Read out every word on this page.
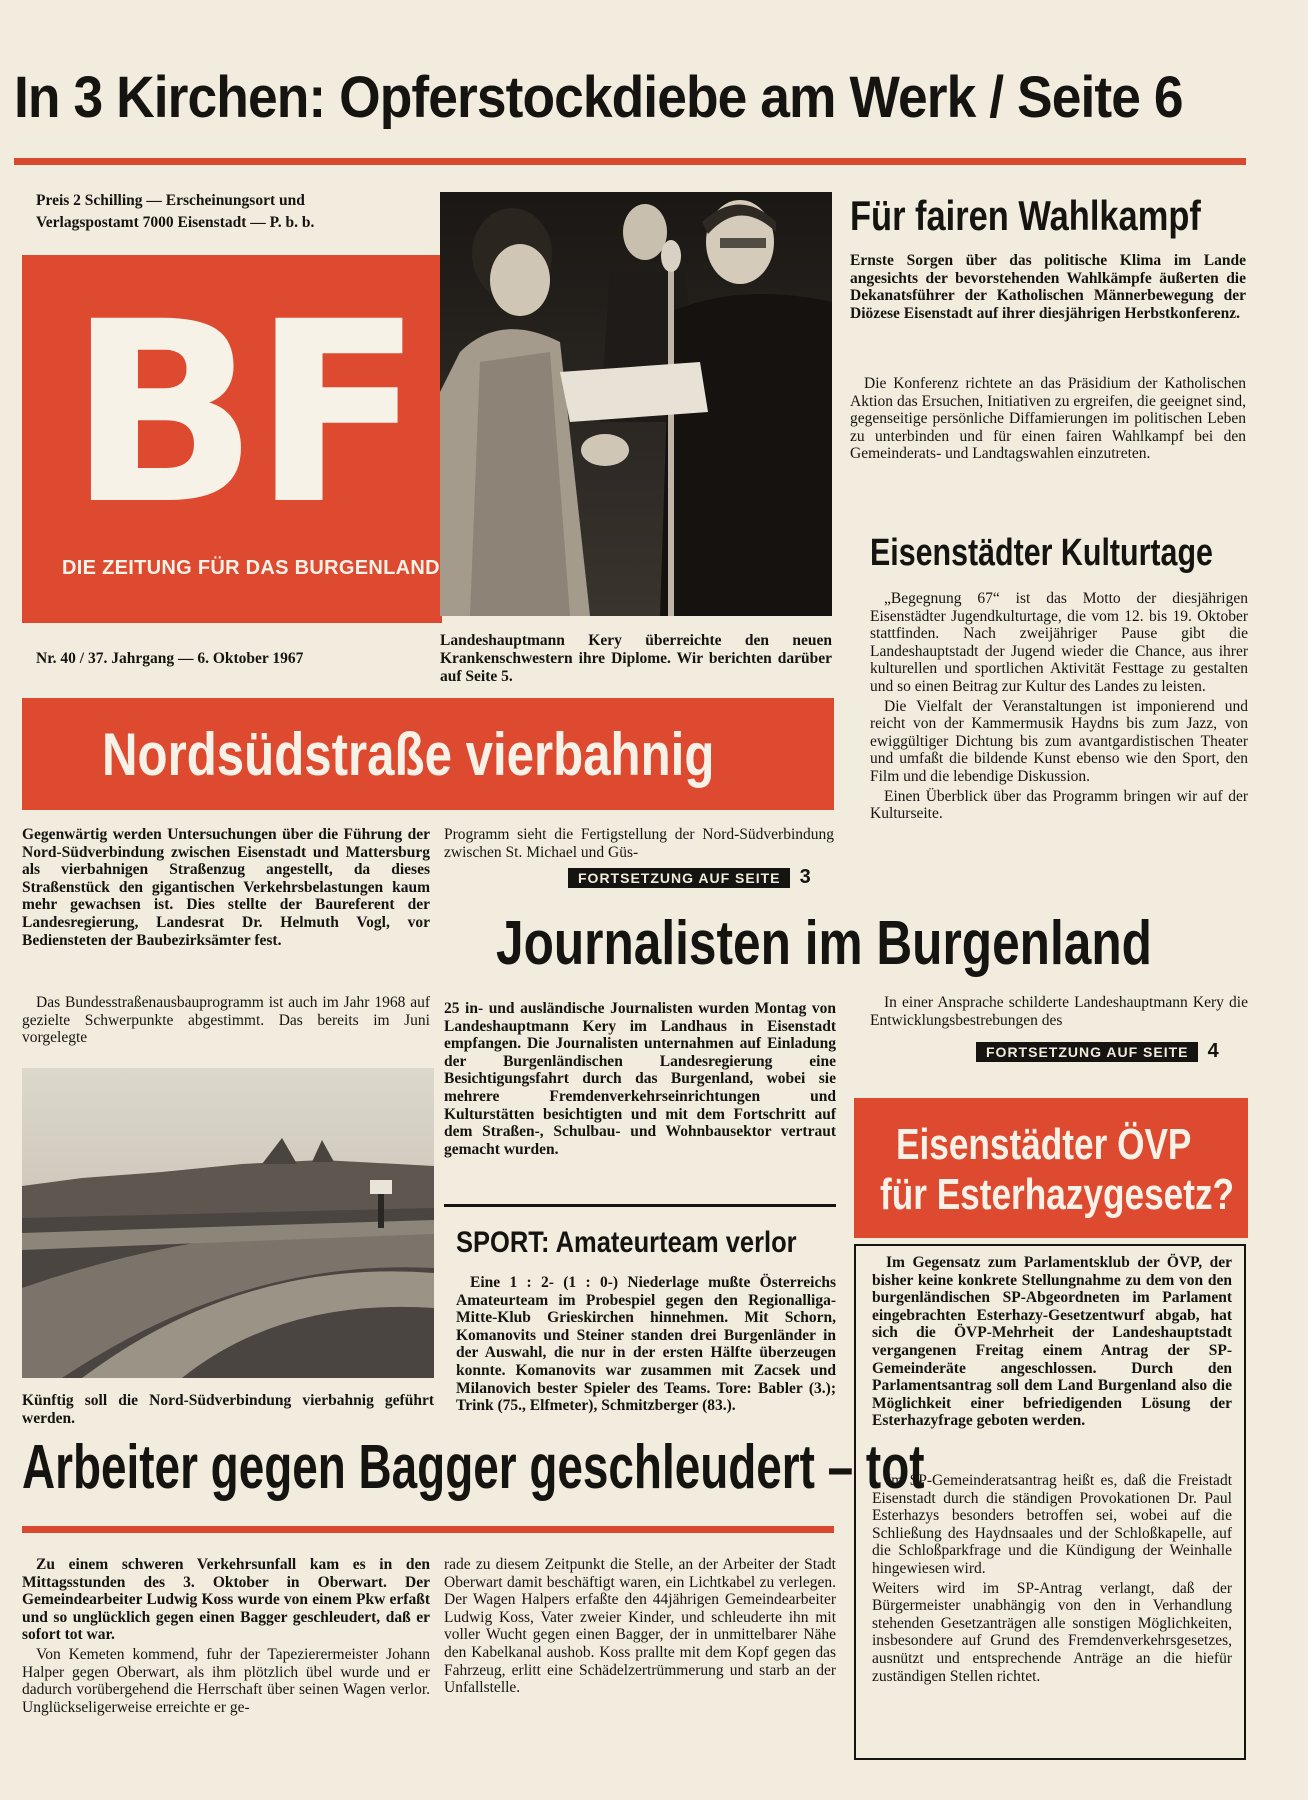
In 3 Kirchen: Opferstockdiebe am Werk / Seite 6
Preis 2 Schilling — Erscheinungsort und
Verlagspostamt 7000 Eisenstadt — P. b. b.
BF
DIE ZEITUNG FÜR DAS BURGENLAND
Nr. 40 / 37. Jahrgang — 6. Oktober 1967
Landeshauptmann Kery überreichte den neuen Krankenschwestern ihre Diplome. Wir berichten darüber auf Seite 5.
Für fairen Wahlkampf
Ernste Sorgen über das politische Klima im Lande angesichts der bevorstehenden Wahlkämpfe äußerten die Dekanatsführer der Katholischen Männerbewegung der Diözese Eisenstadt auf ihrer diesjährigen Herbstkonferenz.
Die Konferenz richtete an das Präsidium der Katholischen Aktion das Ersuchen, Initiativen zu ergreifen, die geeignet sind, gegenseitige persönliche Diffamierungen im politischen Leben zu unterbinden und für einen fairen Wahlkampf bei den Gemeinderats- und Landtagswahlen einzutreten.
Eisenstädter Kulturtage

„Begegnung 67“ ist das Motto der diesjährigen Eisenstädter Jugendkulturtage, die vom 12. bis 19. Oktober stattfinden. Nach zweijähriger Pause gibt die Landeshauptstadt der Jugend wieder die Chance, aus ihrer kulturellen und sportlichen Aktivität Festtage zu gestalten und so einen Beitrag zur Kultur des Landes zu leisten.

Die Vielfalt der Veranstaltungen ist imponierend und reicht von der Kammermusik Haydns bis zum Jazz, von ewiggültiger Dichtung bis zum avantgardistischen Theater und umfaßt die bildende Kunst ebenso wie den Sport, den Film und die lebendige Diskussion.

Einen Überblick über das Programm bringen wir auf der Kulturseite.

Nordsüdstraße vierbahnig
Gegenwärtig werden Untersuchungen über die Führung der Nord-Südverbindung zwischen Eisenstadt und Mattersburg als vierbahnigen Straßenzug angestellt, da dieses Straßenstück den gigantischen Verkehrsbelastungen kaum mehr gewachsen ist. Dies stellte der Baureferent der Landesregierung, Landesrat Dr. Helmuth Vogl, vor Bediensteten der Baubezirksämter fest.
Das Bundesstraßenausbauprogramm ist auch im Jahr 1968 auf gezielte Schwerpunkte abgestimmt. Das bereits im Juni vorgelegte
Programm sieht die Fertigstellung der Nord-Südverbindung zwischen St. Michael und Güs-
FORTSETZUNG AUF SEITE 3
Künftig soll die Nord-Südverbindung vierbahnig geführt werden.
Journalisten im Burgenland
25 in- und ausländische Journalisten wurden Montag von Landeshauptmann Kery im Landhaus in Eisenstadt empfangen. Die Journalisten unternahmen auf Einladung der Burgenländischen Landesregierung eine Besichtigungsfahrt durch das Burgenland, wobei sie mehrere Fremdenverkehrseinrichtungen und Kulturstätten besichtigten und mit dem Fortschritt auf dem Straßen-, Schulbau- und Wohnbausektor vertraut gemacht wurden.
In einer Ansprache schilderte Landeshauptmann Kery die Entwicklungsbestrebungen des
FORTSETZUNG AUF SEITE 4
SPORT: Amateurteam verlor
Eine 1 : 2- (1 : 0-) Niederlage mußte Österreichs Amateurteam im Probespiel gegen den Regionalliga-Mitte-Klub Grieskirchen hinnehmen. Mit Schorn, Komanovits und Steiner standen drei Burgenländer in der Auswahl, die nur in der ersten Hälfte überzeugen konnte. Komanovits war zusammen mit Zacsek und Milanovich bester Spieler des Teams. Tore: Babler (3.); Trink (75., Elfmeter), Schmitzberger (83.).
Eisenstädter ÖVP
für Esterhazygesetz?
Im Gegensatz zum Parlamentsklub der ÖVP, der bisher keine konkrete Stellungnahme zu dem von den burgenländischen SP-Abgeordneten im Parlament eingebrachten Esterhazy-Gesetzentwurf abgab, hat sich die ÖVP-Mehrheit der Landeshauptstadt vergangenen Freitag einem Antrag der SP-Gemeinderäte angeschlossen. Durch den Parlamentsantrag soll dem Land Burgenland also die Möglichkeit einer befriedigenden Lösung der Esterhazyfrage geboten werden.

Im SP-Gemeinderatsantrag heißt es, daß die Freistadt Eisenstadt durch die ständigen Provokationen Dr. Paul Esterhazys besonders betroffen sei, wobei auf die Schließung des Haydnsaales und der Schloßkapelle, auf die Schloßparkfrage und die Kündigung der Weinhalle hingewiesen wird.

Weiters wird im SP-Antrag verlangt, daß der Bürgermeister unabhängig von den in Verhandlung stehenden Gesetzanträgen alle sonstigen Möglichkeiten, insbesondere auf Grund des Fremdenverkehrsgesetzes, ausnützt und entsprechende Anträge an die hiefür zuständigen Stellen richtet.

Arbeiter gegen Bagger geschleudert – tot
Zu einem schweren Verkehrsunfall kam es in den Mittagsstunden des 3. Oktober in Oberwart. Der Gemeindearbeiter Ludwig Koss wurde von einem Pkw erfaßt und so unglücklich gegen einen Bagger geschleudert, daß er sofort tot war.
Von Kemeten kommend, fuhr der Tapezierermeister Johann Halper gegen Oberwart, als ihm plötzlich übel wurde und er dadurch vorübergehend die Herrschaft über seinen Wagen verlor. Unglückseligerweise erreichte er ge-
rade zu diesem Zeitpunkt die Stelle, an der Arbeiter der Stadt Oberwart damit beschäftigt waren, ein Lichtkabel zu verlegen. Der Wagen Halpers erfaßte den 44jährigen Gemeindearbeiter Ludwig Koss, Vater zweier Kinder, und schleuderte ihn mit voller Wucht gegen einen Bagger, der in unmittelbarer Nähe den Kabelkanal aushob. Koss prallte mit dem Kopf gegen das Fahrzeug, erlitt eine Schädelzertrümmerung und starb an der Unfallstelle.
